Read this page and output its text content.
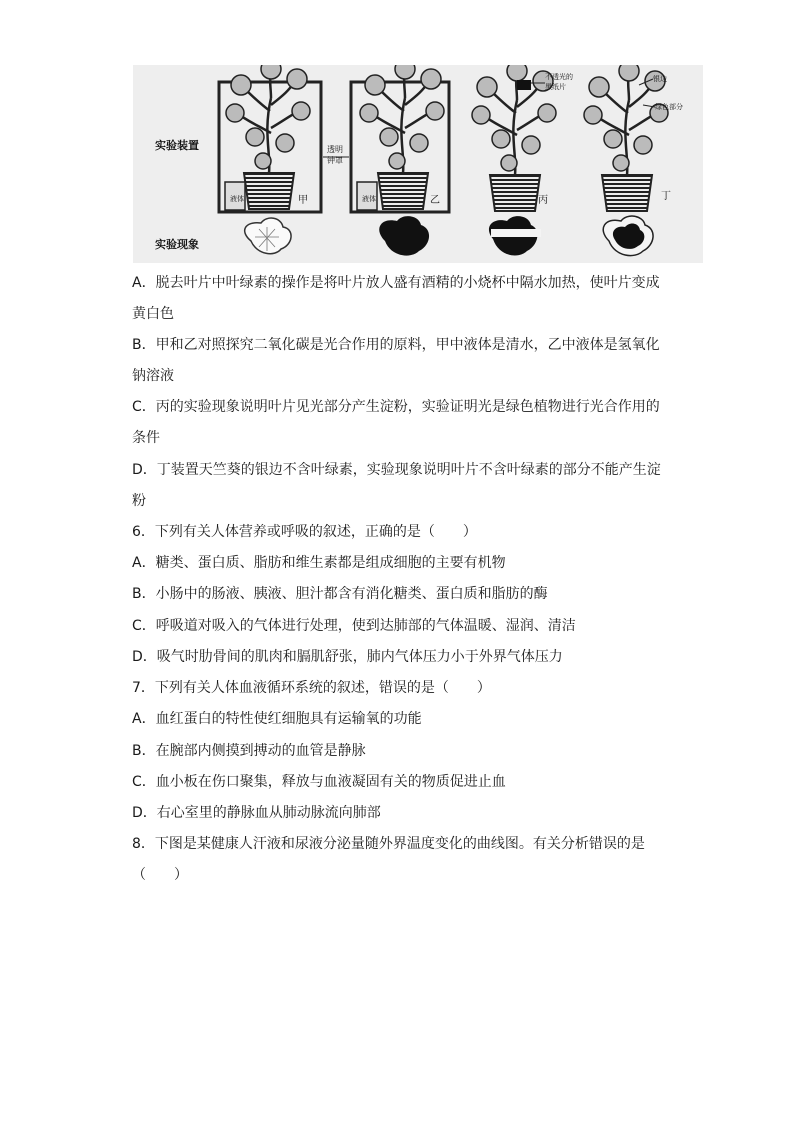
实验装置
实验现象
液体	甲
透明
钟罩
液体	乙
不透光的
黑纸片
丙
银边
绿色部分
丁
A．脱去叶片中叶绿素的操作是将叶片放人盛有酒精的小烧杯中隔水加热，使叶片变成
黄白色
B．甲和乙对照探究二氧化碳是光合作用的原料，甲中液体是清水，乙中液体是氢氧化
钠溶液
C．丙的实验现象说明叶片见光部分产生淀粉，实验证明光是绿色植物进行光合作用的
条件
D．丁装置天竺葵的银边不含叶绿素，实验现象说明叶片不含叶绿素的部分不能产生淀
粉
6．下列有关人体营养或呼吸的叙述，正确的是（　　）
A．糖类、蛋白质、脂肪和维生素都是组成细胞的主要有机物
B．小肠中的肠液、胰液、胆汁都含有消化糖类、蛋白质和脂肪的酶
C．呼吸道对吸入的气体进行处理，使到达肺部的气体温暖、湿润、清洁
D．吸气时肋骨间的肌肉和膈肌舒张，肺内气体压力小于外界气体压力
7．下列有关人体血液循环系统的叙述，错误的是（　　）
A．血红蛋白的特性使红细胞具有运输氧的功能
B．在腕部内侧摸到搏动的血管是静脉
C．血小板在伤口聚集，释放与血液凝固有关的物质促进止血
D．右心室里的静脉血从肺动脉流向肺部
8．下图是某健康人汗液和尿液分泌量随外界温度变化的曲线图。有关分析错误的是
（　　）
